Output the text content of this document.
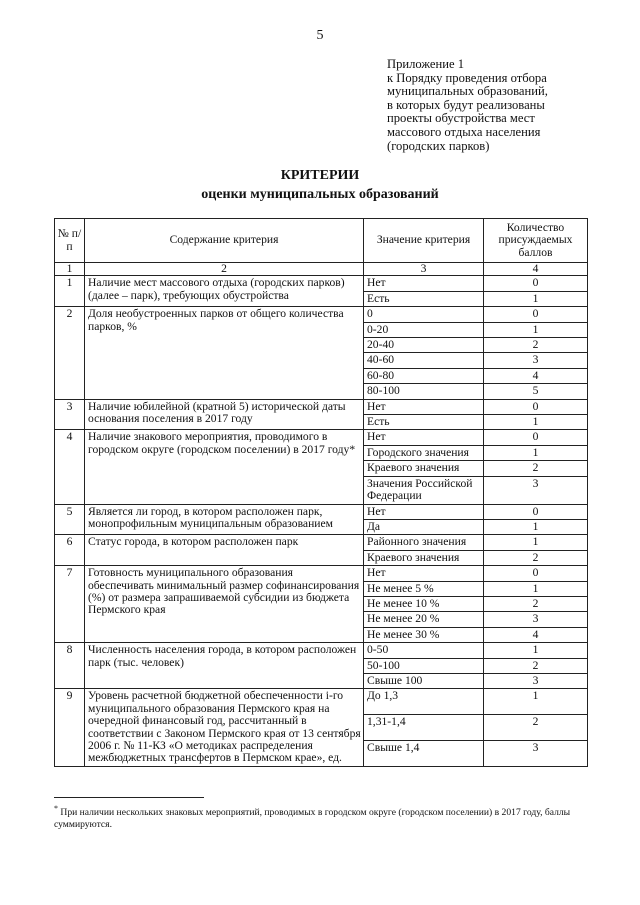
5
Приложение 1
к Порядку проведения отбора
муниципальных образований,
в которых будут реализованы
проекты обустройства мест
массового отдыха населения
(городских парков)
КРИТЕРИИ
оценки муниципальных образований
№ п/п	Содержание критерия	Значение критерия	Количество присуждаемых баллов
1	2	3	4
1	Наличие мест массового отдыха (городских парков) (далее – парк), требующих обустройства	Нет	0
		Есть	1
2	Доля необустроенных парков от общего количества парков, %	0	0
		0-20	1
		20-40	2
		40-60	3
		60-80	4
		80-100	5
3	Наличие юбилейной (кратной 5) исторической даты основания поселения в 2017 году	Нет	0
		Есть	1
4	Наличие знакового мероприятия, проводимого в городском округе (городском поселении) в 2017 году*	Нет	0
		Городского значения	1
		Краевого значения	2
		Значения Российской Федерации	3
5	Является ли город, в котором расположен парк, монопрофильным муниципальным образованием	Нет	0
		Да	1
6	Статус города, в котором расположен парк	Районного значения	1
		Краевого значения	2
7	Готовность муниципального образования обеспечивать минимальный размер софинансирования (%) от размера запрашиваемой субсидии из бюджета Пермского края	Нет	0
		Не менее 5 %	1
		Не менее 10 %	2
		Не менее 20 %	3
		Не менее 30 %	4
8	Численность населения города, в котором расположен парк (тыс. человек)	0-50	1
		50-100	2
		Свыше 100	3
9	Уровень расчетной бюджетной обеспеченности i-го муниципального образования Пермского края на очередной финансовый год, рассчитанный в соответствии с Законом Пермского края от 13 сентября 2006 г. № 11-КЗ «О методиках распределения межбюджетных трансфертов в Пермском крае», ед.	До 1,3	1
		1,31-1,4	2
		Свыше 1,4	3
* При наличии нескольких знаковых мероприятий, проводимых в городском округе (городском поселении) в 2017 году, баллы суммируются.
